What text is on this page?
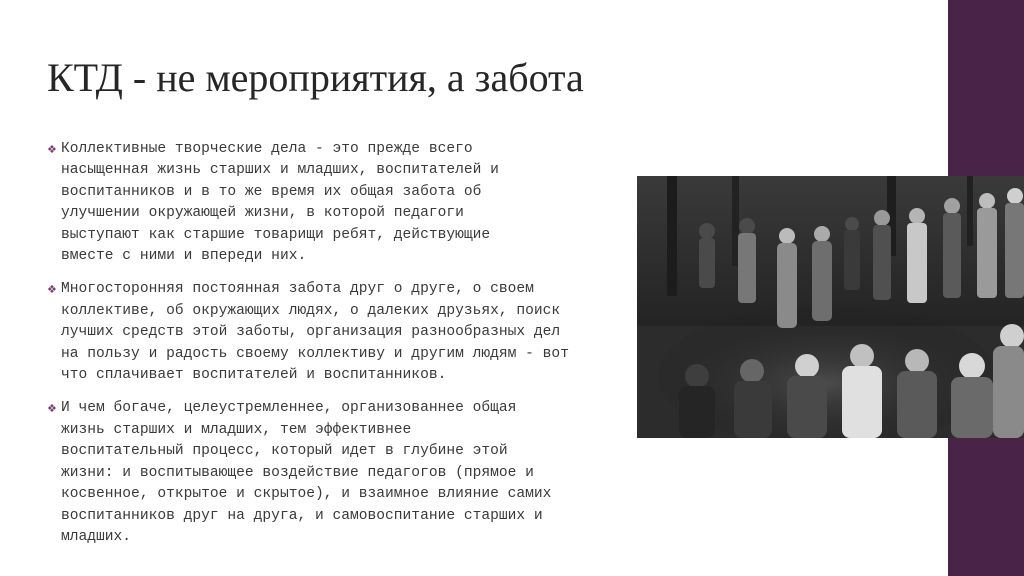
КТД - не мероприятия, а забота
❖ Коллективные творческие дела - это прежде всего
насыщенная жизнь старших и младших, воспитателей и
воспитанников и в то же время их общая забота об
улучшении окружающей жизни, в которой педагоги
выступают как старшие товарищи ребят, действующие
вместе с ними и впереди них.
❖ Многосторонняя постоянная забота друг о друге, о своем
коллективе, об окружающих людях, о далеких друзьях, поиск
лучших средств этой заботы, организация разнообразных дел
на пользу и радость своему коллективу и другим людям - вот
что сплачивает воспитателей и воспитанников.
❖ И чем богаче, целеустремленнее, организованнее общая
жизнь старших и младших, тем эффективнее
воспитательный процесс, который идет в глубине этой
жизни: и воспитывающее воздействие педагогов (прямое и
косвенное, открытое и скрытое), и взаимное влияние самих
воспитанников друг на друга, и самовоспитание старших и
младших.
